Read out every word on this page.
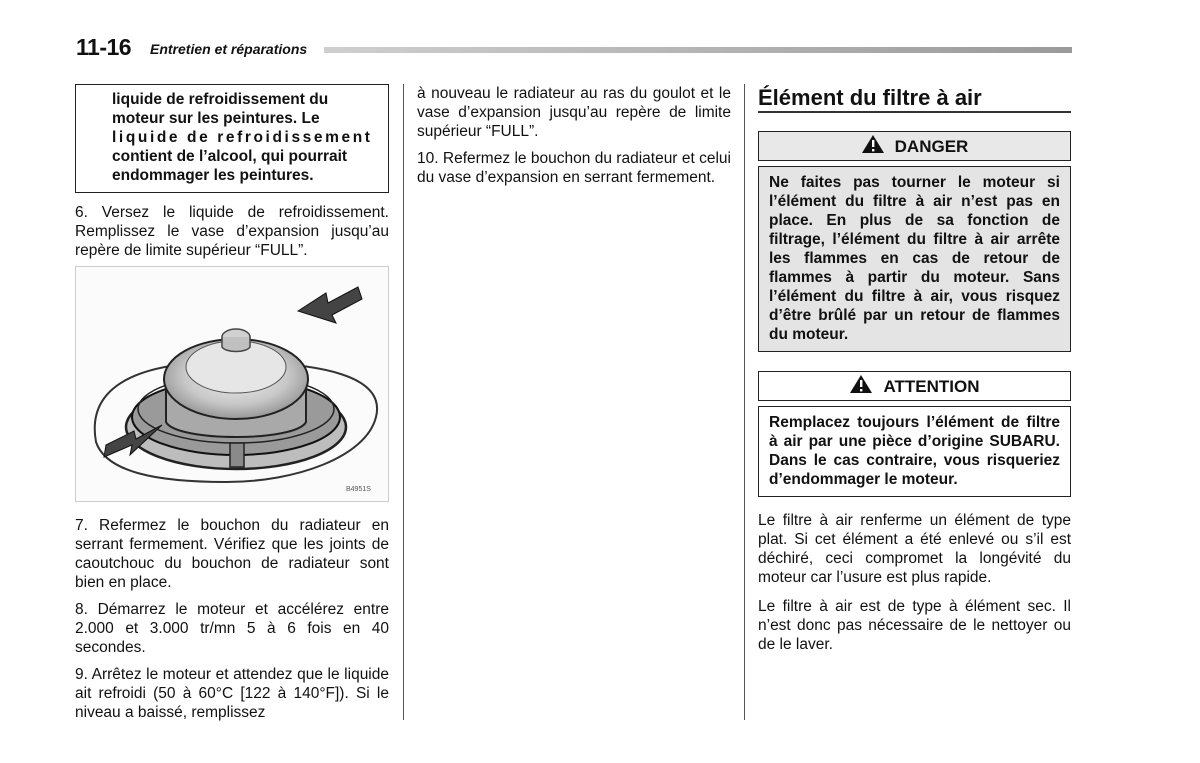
11-16 Entretien et réparations

liquide de refroidissement du

moteur sur les peintures. Le

liquide de refroidissement

contient de l’alcool, qui pourrait

endommager les peintures.

6. Versez le liquide de refroidissement. Remplissez le vase d’expansion jusqu’au repère de limite supérieur “FULL”.

B4951S

7. Refermez le bouchon du radiateur en serrant fermement. Vérifiez que les joints de caoutchouc du bouchon de radiateur sont bien en place.

8. Démarrez le moteur et accélérez entre 2.000 et 3.000 tr/mn 5 à 6 fois en 40 secondes.

9. Arrêtez le moteur et attendez que le liquide ait refroidi (50 à 60°C [122 à 140°F]). Si le niveau a baissé, remplissez

à nouveau le radiateur au ras du goulot et le vase d’expansion jusqu’au repère de limite supérieur “FULL”.

10. Refermez le bouchon du radiateur et celui du vase d’expansion en serrant fermement.

Élément du filtre à air
DANGER

Ne faites pas tourner le moteur si l’élément du filtre à air n’est pas en place. En plus de sa fonction de filtrage, l’élément du filtre à air arrête les flammes en cas de retour de flammes à partir du moteur. Sans l’élément du filtre à air, vous risquez d’être brûlé par un retour de flammes du moteur.

ATTENTION

Remplacez toujours l’élément de filtre à air par une pièce d’origine SUBARU. Dans le cas contraire, vous risqueriez d’endommager le moteur.

Le filtre à air renferme un élément de type plat. Si cet élément a été enlevé ou s’il est déchiré, ceci compromet la longévité du moteur car l’usure est plus rapide.

Le filtre à air est de type à élément sec. Il n’est donc pas nécessaire de le nettoyer ou de le laver.
